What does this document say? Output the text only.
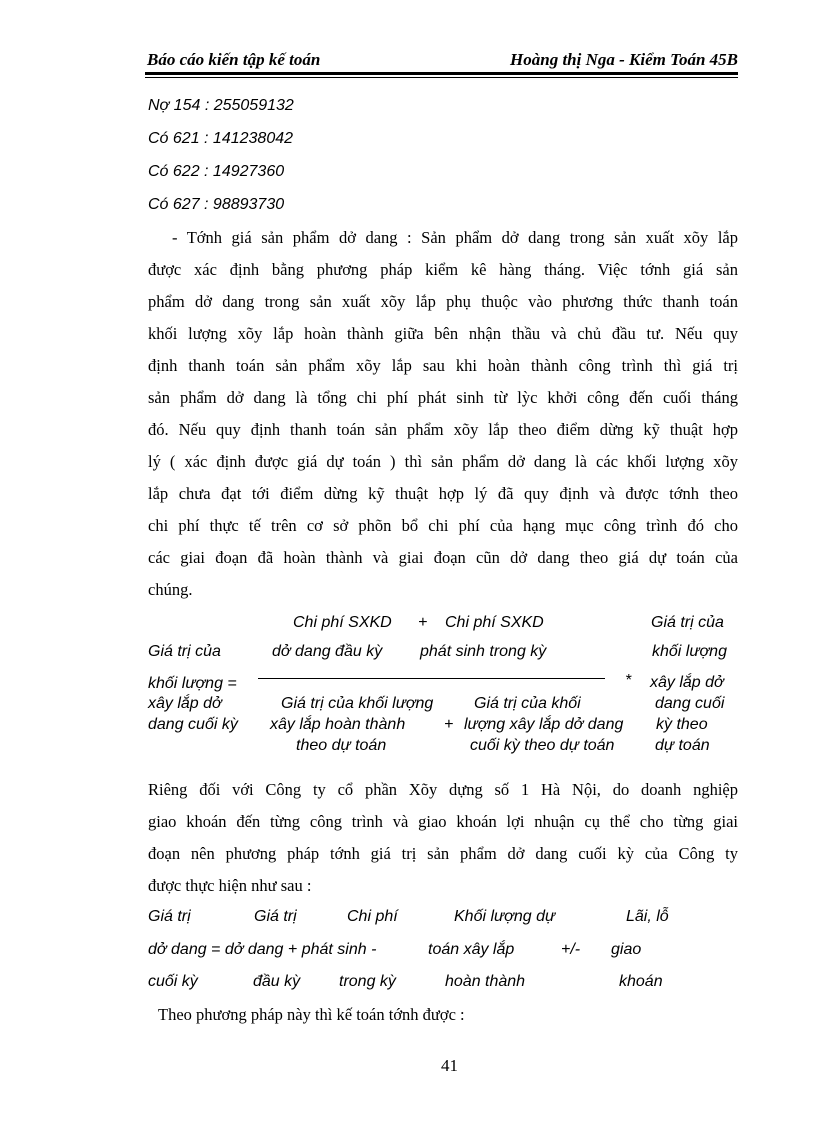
Báo cáo kiến tập kế toán	Hoàng thị Nga - Kiểm Toán 45B
Nợ 154 : 255059132
Có 621 : 141238042
Có 622 : 14927360
Có 627 : 98893730
- Tớnh giá sản phẩm dở dang : Sản phẩm dở dang trong sản xuất xõy lắp
được xác định bằng phương pháp kiểm kê hàng tháng. Việc tớnh giá sản
phẩm dở dang trong sản xuất xõy lắp phụ thuộc vào phương thức thanh toán
khối lượng xõy lắp hoàn thành giữa bên nhận thầu và chủ đầu tư. Nếu quy
định thanh toán sản phẩm xõy lắp sau khi hoàn thành công trình thì giá trị
sản phẩm dở dang là tổng chi phí phát sinh từ lỳc khởi công đến cuối tháng
đó. Nếu quy định thanh toán sản phẩm xõy lắp theo điểm dừng kỹ thuật hợp
lý ( xác định được giá dự toán ) thì sản phẩm dở dang là các khối lượng xõy
lắp chưa đạt tới điểm dừng kỹ thuật hợp lý đã quy định và được tớnh theo
chi phí thực tế trên cơ sở phõn bổ chi phí của hạng mục công trình đó cho
các giai đoạn đã hoàn thành và giai đoạn cũn dở dang theo giá dự toán của
chúng.
Chi phí SXKD + Chi phí SXKD
dở dang đầu kỳ phát sinh trong kỳ
Giá trị của
khối lượng =
xây lắp dở
dang cuối kỳ
*
Giá trị của khối lượng
xây lắp hoàn thành
theo dự toán
Giá trị của khối
+ lượng xây lắp dở dang
cuối kỳ theo dự toán
Giá trị của
khối lượng
xây lắp dở
dang cuối
kỳ theo
dự toán
Riêng đối với Công ty cổ phần Xõy dựng số 1 Hà Nội, do doanh nghiệp
giao khoán đến từng công trình và giao khoán lợi nhuận cụ thể cho từng giai
đoạn nên phương pháp tớnh giá trị sản phẩm dở dang cuối kỳ của Công ty
được thực hiện như sau :
Giá trị	Giá trị	Chi phí	Khối lượng dự	Lãi, lỗ
dở dang = dở dang + phát sinh -	toán xây lắp	+/- giao
cuối kỳ	đầu kỳ trong kỳ	hoàn thành	khoán
Theo phương pháp này thì kế toán tớnh được :
41
